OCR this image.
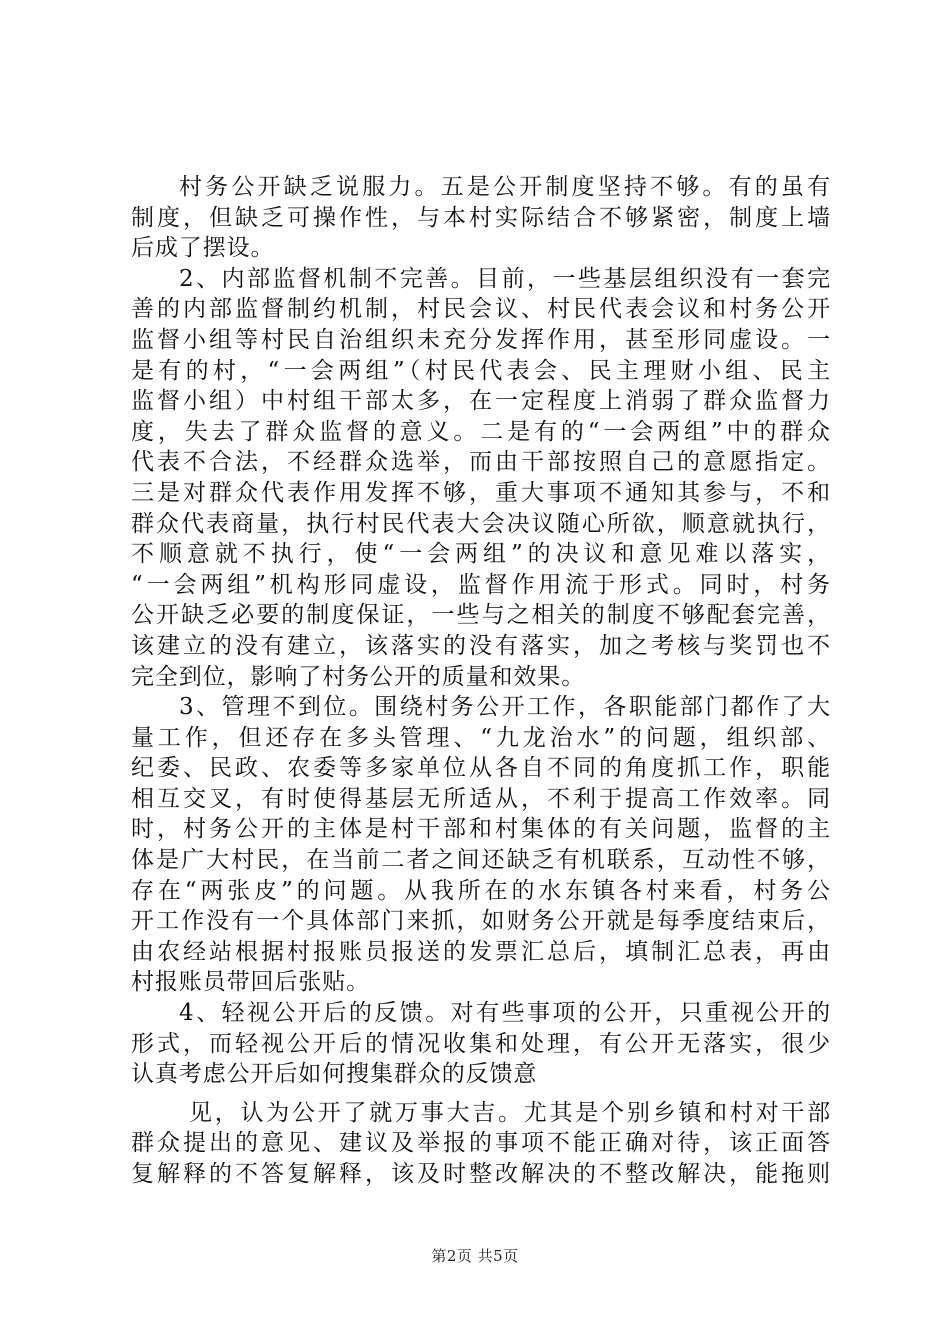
村务公开缺乏说服力。五是公开制度坚持不够。有的虽有
制度，但缺乏可操作性，与本村实际结合不够紧密，制度上墙
后成了摆设。
2、内部监督机制不完善。目前，一些基层组织没有一套完
善的内部监督制约机制，村民会议、村民代表会议和村务公开
监督小组等村民自治组织未充分发挥作用，甚至形同虚设。一
是有的村，“一会两组”（村民代表会、民主理财小组、民主
监督小组）中村组干部太多，在一定程度上消弱了群众监督力
度，失去了群众监督的意义。二是有的“一会两组”中的群众
代表不合法，不经群众选举，而由干部按照自己的意愿指定。
三是对群众代表作用发挥不够，重大事项不通知其参与，不和
群众代表商量，执行村民代表大会决议随心所欲，顺意就执行，
不顺意就不执行，使“一会两组”的决议和意见难以落实，
“一会两组”机构形同虚设，监督作用流于形式。同时，村务
公开缺乏必要的制度保证，一些与之相关的制度不够配套完善，
该建立的没有建立，该落实的没有落实，加之考核与奖罚也不
完全到位，影响了村务公开的质量和效果。
3、管理不到位。围绕村务公开工作，各职能部门都作了大
量工作，但还存在多头管理、“九龙治水”的问题，组织部、
纪委、民政、农委等多家单位从各自不同的角度抓工作，职能
相互交叉，有时使得基层无所适从，不利于提高工作效率。同
时，村务公开的主体是村干部和村集体的有关问题，监督的主
体是广大村民，在当前二者之间还缺乏有机联系，互动性不够，
存在“两张皮”的问题。从我所在的水东镇各村来看，村务公
开工作没有一个具体部门来抓，如财务公开就是每季度结束后，
由农经站根据村报账员报送的发票汇总后，填制汇总表，再由
村报账员带回后张贴。
4、轻视公开后的反馈。对有些事项的公开，只重视公开的
形式，而轻视公开后的情况收集和处理，有公开无落实，很少
认真考虑公开后如何搜集群众的反馈意
见，认为公开了就万事大吉。尤其是个别乡镇和村对干部
群众提出的意见、建议及举报的事项不能正确对待，该正面答
复解释的不答复解释，该及时整改解决的不整改解决，能拖则
第2页 共5页
